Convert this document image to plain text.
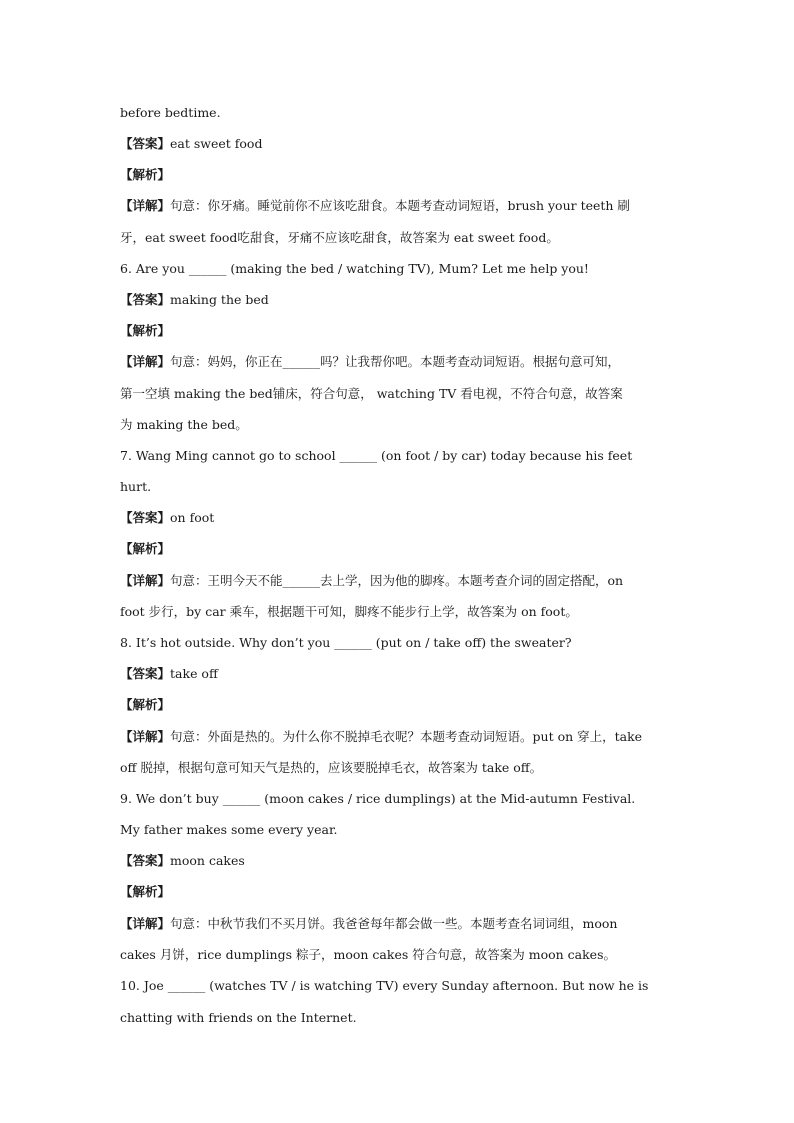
before bedtime.
【答案】eat sweet food
【解析】
【详解】句意：你牙痛。睡觉前你不应该吃甜食。本题考查动词短语，brush your teeth 刷
牙，eat sweet food吃甜食，牙痛不应该吃甜食，故答案为 eat sweet food。
6. Are you ______ (making the bed / watching TV), Mum? Let me help you!
【答案】making the bed
【解析】
【详解】句意：妈妈，你正在______吗？让我帮你吧。本题考查动词短语。根据句意可知，
第一空填 making the bed铺床，符合句意， watching TV 看电视，不符合句意，故答案
为 making the bed。
7. Wang Ming cannot go to school ______ (on foot / by car) today because his feet
hurt.
【答案】on foot
【解析】
【详解】句意：王明今天不能______去上学，因为他的脚疼。本题考查介词的固定搭配，on
foot 步行，by car 乘车，根据题干可知，脚疼不能步行上学，故答案为 on foot。
8. It’s hot outside. Why don’t you ______ (put on / take off) the sweater?
【答案】take off
【解析】
【详解】句意：外面是热的。为什么你不脱掉毛衣呢？本题考查动词短语。put on 穿上，take
off 脱掉，根据句意可知天气是热的，应该要脱掉毛衣，故答案为 take off。
9. We don’t buy ______ (moon cakes / rice dumplings) at the Mid-autumn Festival.
My father makes some every year.
【答案】moon cakes
【解析】
【详解】句意：中秋节我们不买月饼。我爸爸每年都会做一些。本题考查名词词组，moon
cakes 月饼，rice dumplings 粽子，moon cakes 符合句意，故答案为 moon cakes。
10. Joe ______ (watches TV / is watching TV) every Sunday afternoon. But now he is
chatting with friends on the Internet.
